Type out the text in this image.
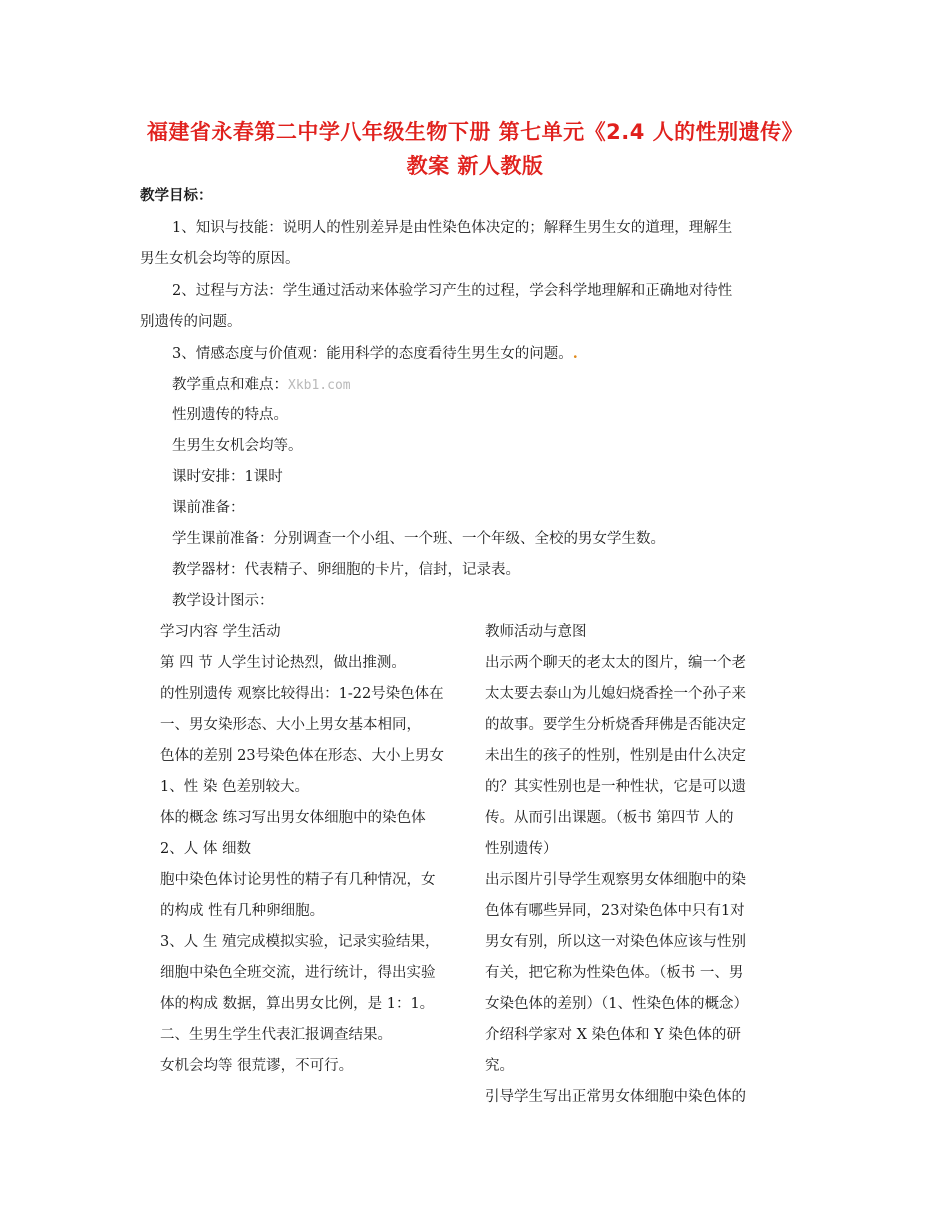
福建省永春第二中学八年级生物下册 第七单元《2.4 人的性别遗传》
教案 新人教版
教学目标：
1、知识与技能：说明人的性别差异是由性染色体决定的；解释生男生女的道理，理解生
男生女机会均等的原因。
2、过程与方法：学生通过活动来体验学习产生的过程，学会科学地理解和正确地对待性
别遗传的问题。
3、情感态度与价值观：能用科学的态度看待生男生女的问题。.
教学重点和难点：Xkb1.com
性别遗传的特点。
生男生女机会均等。
课时安排：1课时
课前准备：
学生课前准备：分别调查一个小组、一个班、一个年级、全校的男女学生数。
教学器材：代表精子、卵细胞的卡片，信封，记录表。
教学设计图示：
学习内容 学生活动
第 四 节 人学生讨论热烈，做出推测。
的性别遗传 观察比较得出：1-22号染色体在
一、男女染形态、大小上男女基本相同，
色体的差别 23号染色体在形态、大小上男女
1、性 染 色差别较大。
体的概念 练习写出男女体细胞中的染色体
2、人 体 细数
胞中染色体讨论男性的精子有几种情况，女
的构成 性有几种卵细胞。
3、人 生 殖完成模拟实验，记录实验结果，
细胞中染色全班交流，进行统计，得出实验
体的构成 数据，算出男女比例，是 1：1。
二、生男生学生代表汇报调查结果。
女机会均等 很荒谬，不可行。
教师活动与意图
出示两个聊天的老太太的图片，编一个老
太太要去泰山为儿媳妇烧香拴一个孙子来
的故事。要学生分析烧香拜佛是否能决定
未出生的孩子的性别，性别是由什么决定
的？其实性别也是一种性状，它是可以遗
传。从而引出课题。（板书 第四节 人的
性别遗传）
出示图片引导学生观察男女体细胞中的染
色体有哪些异同，23对染色体中只有1对
男女有别，所以这一对染色体应该与性别
有关，把它称为性染色体。（板书 一、男
女染色体的差别）（1、性染色体的概念）
介绍科学家对 X 染色体和 Y 染色体的研
究。
引导学生写出正常男女体细胞中染色体的
